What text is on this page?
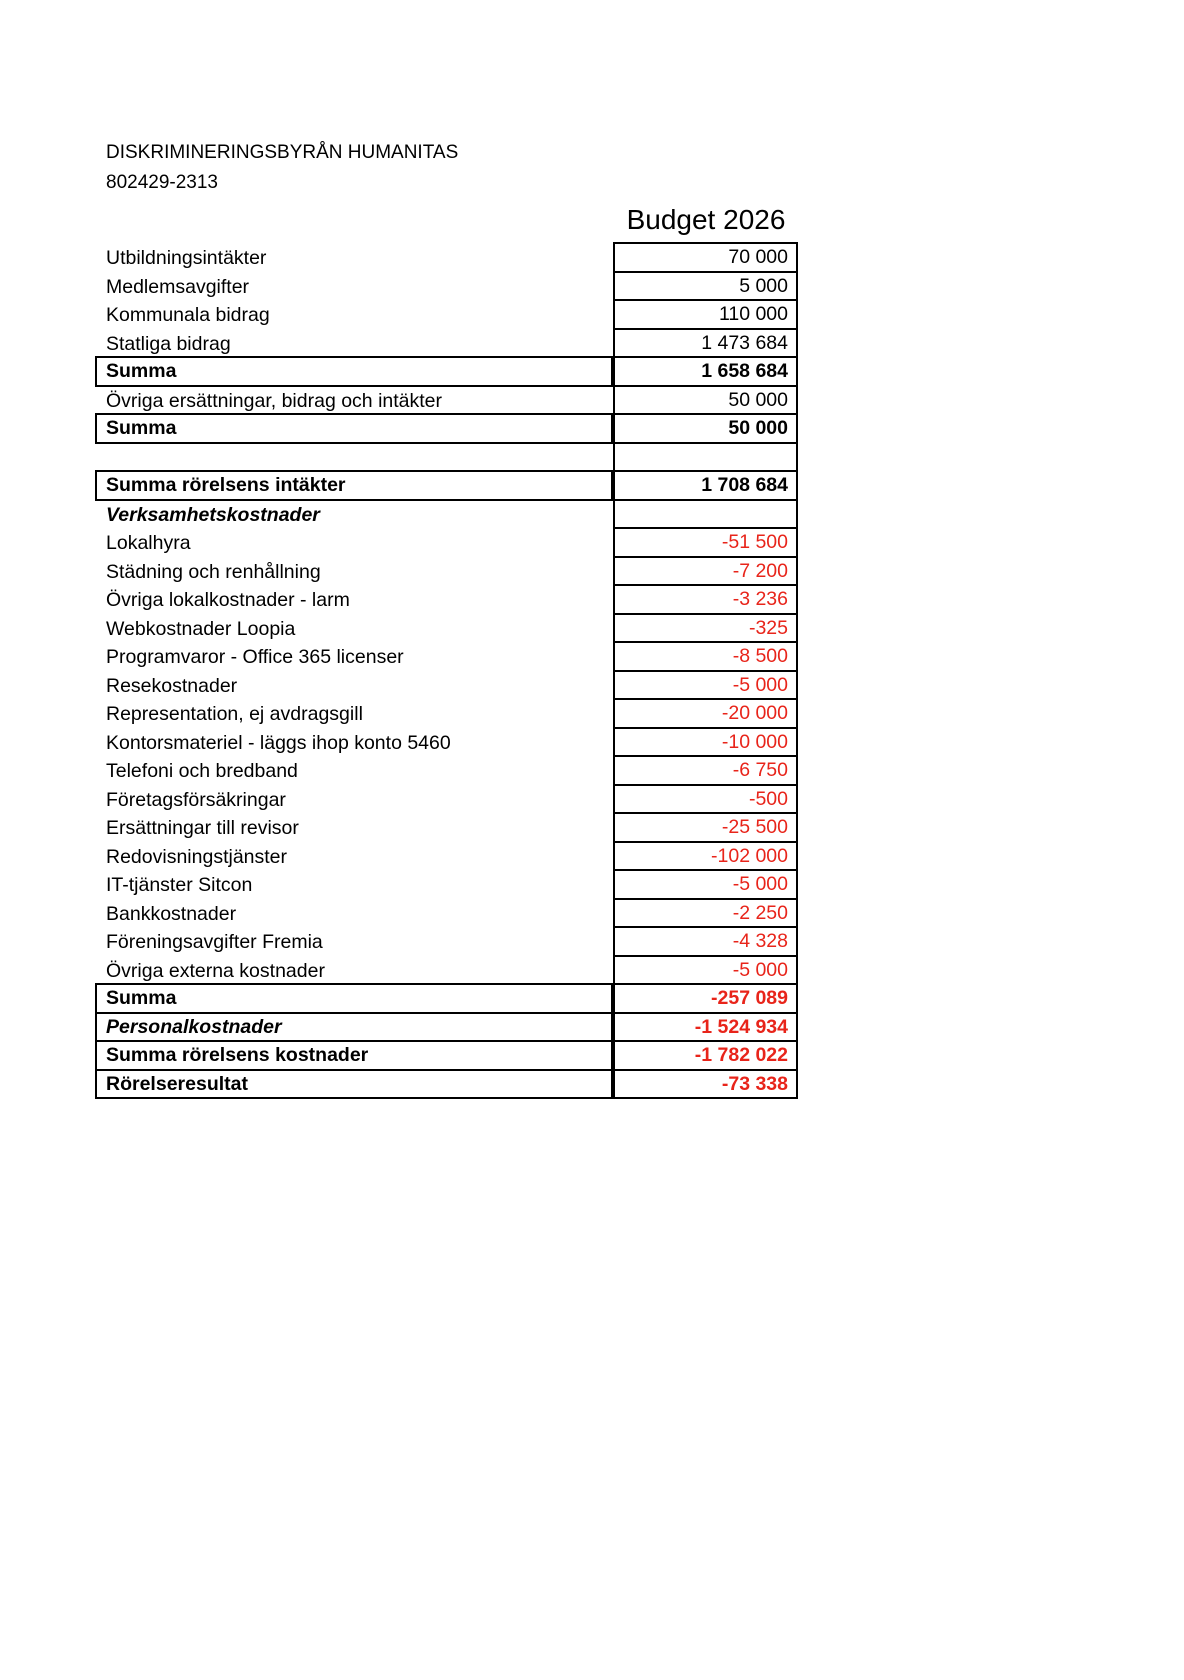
DISKRIMINERINGSBYRÅN HUMANITAS
802429-2313
Budget 2026
Utbildningsintäkter	70 000
Medlemsavgifter	5 000
Kommunala bidrag	110 000
Statliga bidrag	1 473 684
Summa	1 658 684
Övriga ersättningar, bidrag och intäkter	50 000
Summa	50 000
Summa rörelsens intäkter	1 708 684
Verksamhetskostnader
Lokalhyra	-51 500
Städning och renhållning	-7 200
Övriga lokalkostnader - larm	-3 236
Webkostnader Loopia	-325
Programvaror - Office 365 licenser	-8 500
Resekostnader	-5 000
Representation, ej avdragsgill	-20 000
Kontorsmateriel - läggs ihop konto 5460	-10 000
Telefoni och bredband	-6 750
Företagsförsäkringar	-500
Ersättningar till revisor	-25 500
Redovisningstjänster	-102 000
IT-tjänster Sitcon	-5 000
Bankkostnader	-2 250
Föreningsavgifter Fremia	-4 328
Övriga externa kostnader	-5 000
Summa	-257 089
Personalkostnader	-1 524 934
Summa rörelsens kostnader	-1 782 022
Rörelseresultat	-73 338
